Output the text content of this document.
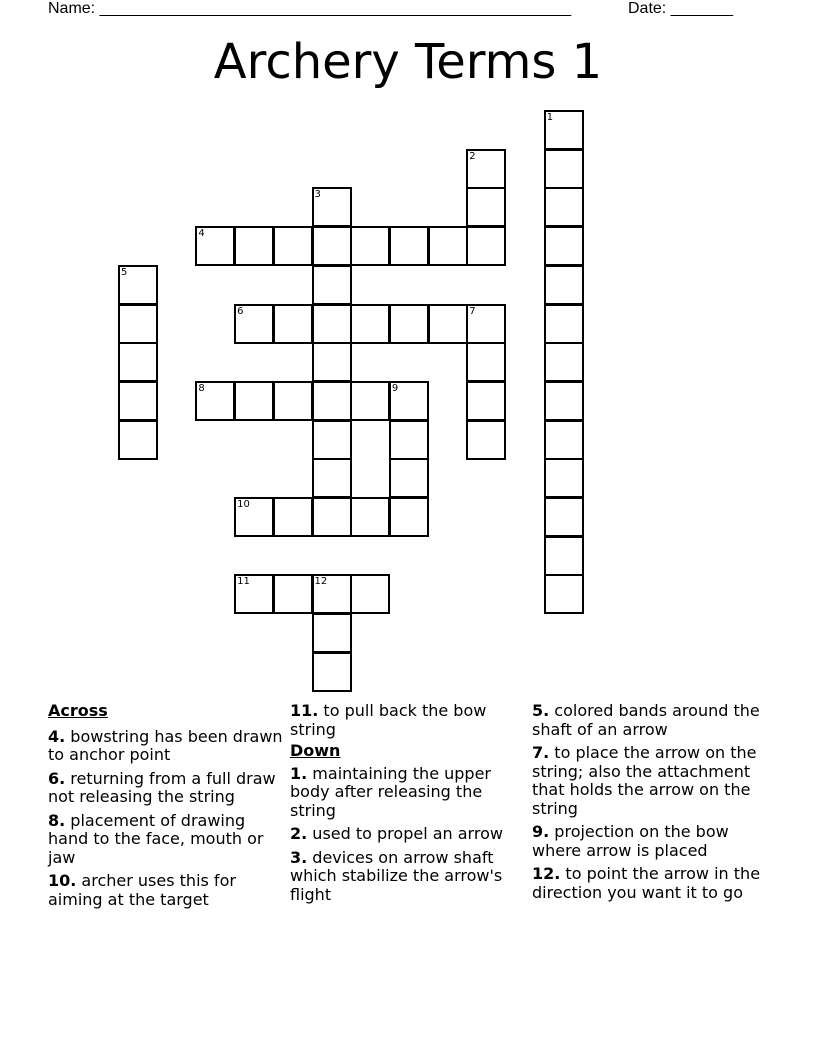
Name: _____________________________________________________	Date: _______
Archery Terms 1
1
2
3
4
5
6	7
8	9
10
11	12
Across
4. bowstring has been drawn to anchor point
6. returning from a full draw not releasing the string
8. placement of drawing hand to the face, mouth or jaw
10. archer uses this for aiming at the target
11. to pull back the bow string
Down
1. maintaining the upper body after releasing the string
2. used to propel an arrow
3. devices on arrow shaft which stabilize the arrow's flight
5. colored bands around the shaft of an arrow
7. to place the arrow on the string; also the attachment that holds the arrow on the string
9. projection on the bow where arrow is placed
12. to point the arrow in the direction you want it to go
